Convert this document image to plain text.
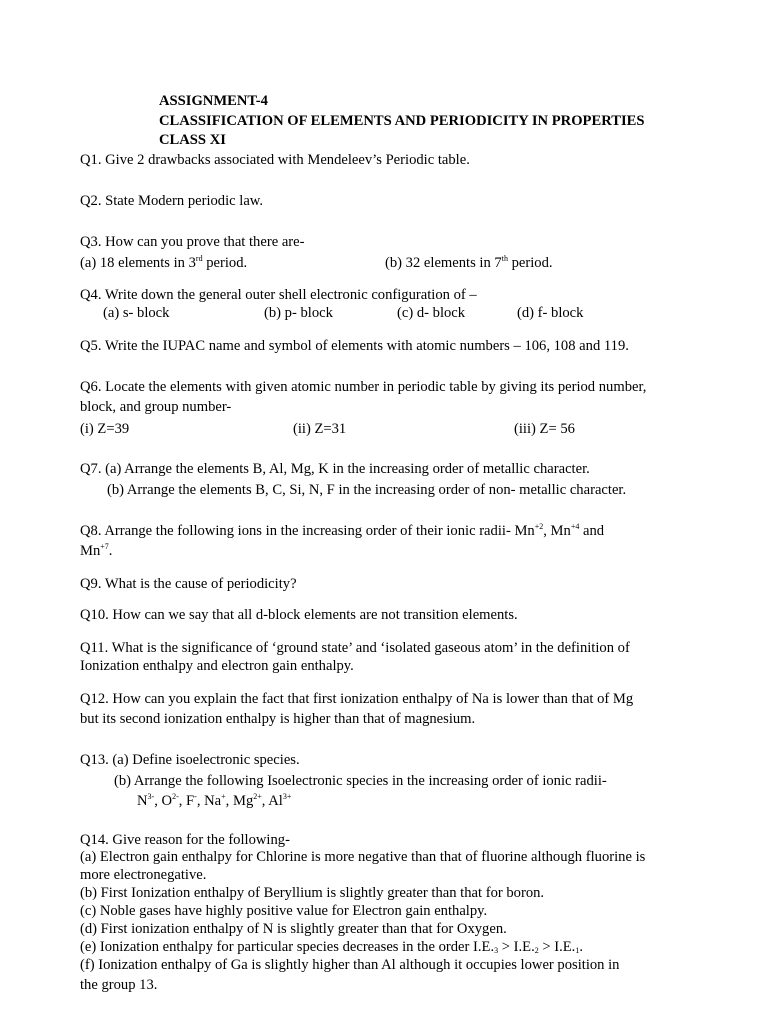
ASSIGNMENT-4
CLASSIFICATION OF ELEMENTS AND PERIODICITY IN PROPERTIES
CLASS XI
Q1. Give 2 drawbacks associated with Mendeleev’s Periodic table.
Q2. State Modern periodic law.
Q3. How can you prove that there are-
(a) 18 elements in 3rd period.	(b) 32 elements in 7th period.
Q4. Write down the general outer shell electronic configuration of –
(a) s- block	(b) p- block	(c) d- block	(d) f- block
Q5. Write the IUPAC name and symbol of elements with atomic numbers – 106, 108 and 119.
Q6. Locate the elements with given atomic number in periodic table by giving its period number,
block, and group number-
(i) Z=39	(ii) Z=31	(iii) Z= 56
Q7. (a) Arrange the elements B, Al, Mg, K in the increasing order of metallic character.
(b) Arrange the elements B, C, Si, N, F in the increasing order of non- metallic character.
Q8. Arrange the following ions in the increasing order of their ionic radii- $Mn^{+2}$, $Mn^{+4}$ and
$Mn^{+7}$.
Q9. What is the cause of periodicity?
Q10. How can we say that all d-block elements are not transition elements.
Q11. What is the significance of ‘ground state’ and ‘isolated gaseous atom’ in the definition of
Ionization enthalpy and electron gain enthalpy.
Q12. How can you explain the fact that first ionization enthalpy of Na is lower than that of Mg
but its second ionization enthalpy is higher than that of magnesium.
Q13. (a) Define isoelectronic species.
(b) Arrange the following Isoelectronic species in the increasing order of ionic radii-
$N^{3-}$, $O^{2-}$, F-, Na+, $Mg^{2+}$, $Al^{3+}$
Q14. Give reason for the following-
(a) Electron gain enthalpy for Chlorine is more negative than that of fluorine although fluorine is
more electronegative.
(b) First Ionization enthalpy of Beryllium is slightly greater than that for boron.
(c) Noble gases have highly positive value for Electron gain enthalpy.
(d) First ionization enthalpy of N is slightly greater than that for Oxygen.
(e) Ionization enthalpy for particular species decreases in the order $I.E._3 > I.E._2 > I.E._1$.
(f) Ionization enthalpy of Ga is slightly higher than Al although it occupies lower position in
the group 13.
